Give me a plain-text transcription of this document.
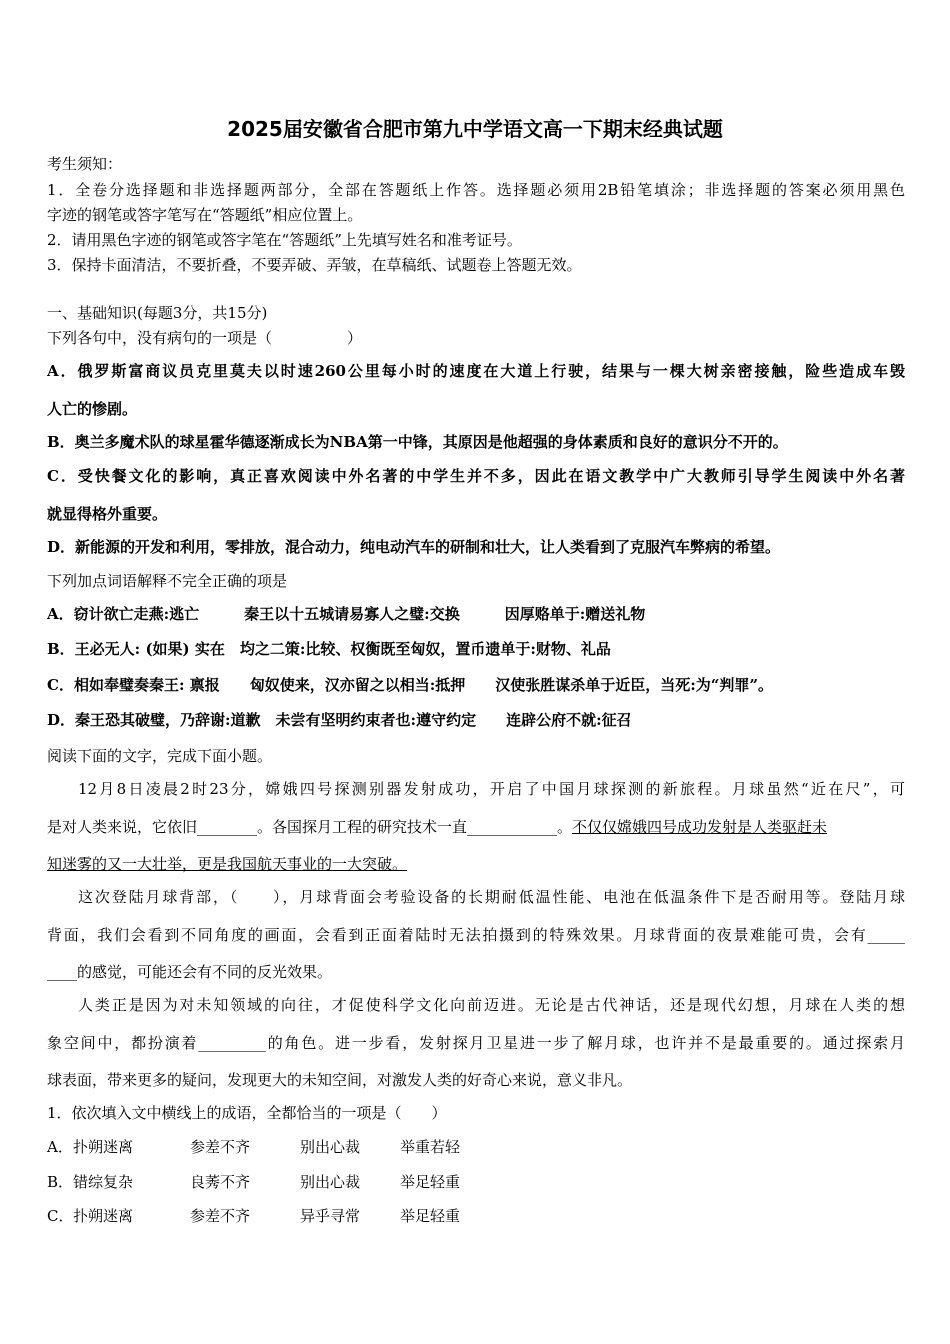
2025届安徽省合肥市第九中学语文高一下期末经典试题
考生须知：
1．全卷分选择题和非选择题两部分，全部在答题纸上作答。选择题必须用2B铅笔填涂；非选择题的答案必须用黑色
字迹的钢笔或答字笔写在“答题纸”相应位置上。
2．请用黑色字迹的钢笔或答字笔在“答题纸”上先填写姓名和准考证号。
3．保持卡面清洁，不要折叠，不要弄破、弄皱，在草稿纸、试题卷上答题无效。
一、基础知识(每题3分，共15分)
下列各句中，没有病句的一项是（　　　　　）
A．俄罗斯富商议员克里莫夫以时速260公里每小时的速度在大道上行驶，结果与一棵大树亲密接触，险些造成车毁
人亡的惨剧。
B．奥兰多魔术队的球星霍华德逐渐成长为NBA第一中锋，其原因是他超强的身体素质和良好的意识分不开的。
C．受快餐文化的影响，真正喜欢阅读中外名著的中学生并不多，因此在语文教学中广大教师引导学生阅读中外名著
就显得格外重要。
D．新能源的开发和利用，零排放，混合动力，纯电动汽车的研制和壮大，让人类看到了克服汽车弊病的希望。
下列加点词语解释不完全正确的项是
A．窃计欲亡走燕:逃亡　　　秦王以十五城请易寡人之璧:交换　　　因厚赂单于:赠送礼物
B．王必无人: (如果) 实在　均之二策:比较、权衡既至匈奴，置币遗单于:财物、礼品
C．相如奉璧奏秦王: 禀报　　匈奴使来，汉亦留之以相当:抵押　　汉使张胜谋杀单于近臣，当死:为“判罪”。
D．秦王恐其破璧，乃辞谢:道歉　未尝有坚明约束者也:遵守约定　　连辟公府不就:征召
阅读下面的文字，完成下面小题。
12月8日凌晨2时23分，嫦娥四号探测别器发射成功，开启了中国月球探测的新旅程。月球虽然“近在尺”，可
是对人类来说，它依旧________。各国探月工程的研究技术一直____________。不仅仅嫦娥四号成功发射是人类驱赶未
知迷雾的又一大壮举，更是我国航天事业的一大突破。
这次登陆月球背部，（　　），月球背面会考验设备的长期耐低温性能、电池在低温条件下是否耐用等。登陆月球
背面，我们会看到不同角度的画面，会看到正面着陆时无法拍摄到的特殊效果。月球背面的夜景难能可贵，会有_____
____的感觉，可能还会有不同的反光效果。
人类正是因为对未知领域的向往，才促使科学文化向前迈进。无论是古代神话，还是现代幻想，月球在人类的想
象空间中，都扮演着_________的角色。进一步看，发射探月卫星进一步了解月球，也许并不是最重要的。通过探索月
球表面，带来更多的疑问，发现更大的未知空间，对激发人类的好奇心来说，意义非凡。
1．依次填入文中横线上的成语，全都恰当的一项是（　　）
A．扑朔迷离	参差不齐	别出心裁	举重若轻
B．错综复杂	良莠不齐	别出心裁	举足轻重
C．扑朔迷离	参差不齐	异乎寻常	举足轻重
